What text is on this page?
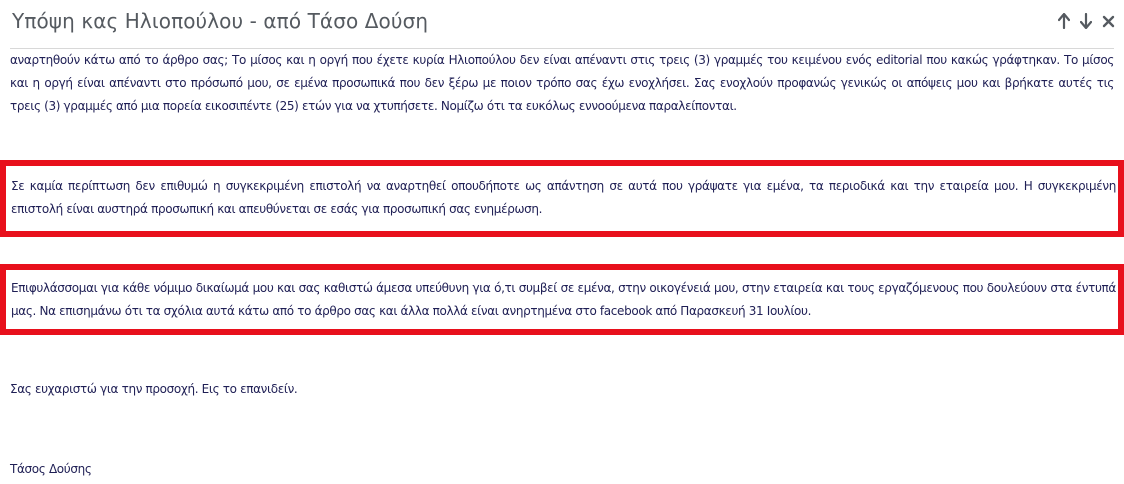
Υπόψη κας Ηλιοπούλου - από Τάσο Δούση
αναρτηθούν κάτω από το άρθρο σας; Το μίσος και η οργή που έχετε κυρία Ηλιοπούλου δεν είναι απέναντι στις τρεις (3) γραμμές του κειμένου ενός editorial που κακώς γράφτηκαν. Το μίσος και η οργή είναι απέναντι στο πρόσωπό μου, σε εμένα προσωπικά που δεν ξέρω με ποιον τρόπο σας έχω ενοχλήσει. Σας ενοχλούν προφανώς γενικώς οι απόψεις μου και βρήκατε αυτές τις τρεις (3) γραμμές από μια πορεία εικοσιπέντε (25) ετών για να χτυπήσετε. Νομίζω ότι τα ευκόλως εννοούμενα παραλείπονται.
Σε καμία περίπτωση δεν επιθυμώ η συγκεκριμένη επιστολή να αναρτηθεί οπουδήποτε ως απάντηση σε αυτά που γράψατε για εμένα, τα περιοδικά και την εταιρεία μου. Η συγκεκριμένη επιστολή είναι αυστηρά προσωπική και απευθύνεται σε εσάς για προσωπική σας ενημέρωση.
Επιφυλάσσομαι για κάθε νόμιμο δικαίωμά μου και σας καθιστώ άμεσα υπεύθυνη για ό,τι συμβεί σε εμένα, στην οικογένειά μου, στην εταιρεία και τους εργαζόμενους που δουλεύουν στα έντυπά μας. Να επισημάνω ότι τα σχόλια αυτά κάτω από το άρθρο σας και άλλα πολλά είναι ανηρτημένα στο facebook από Παρασκευή 31 Ιουλίου.
Σας ευχαριστώ για την προσοχή. Εις το επανιδείν.
Τάσος Δούσης
